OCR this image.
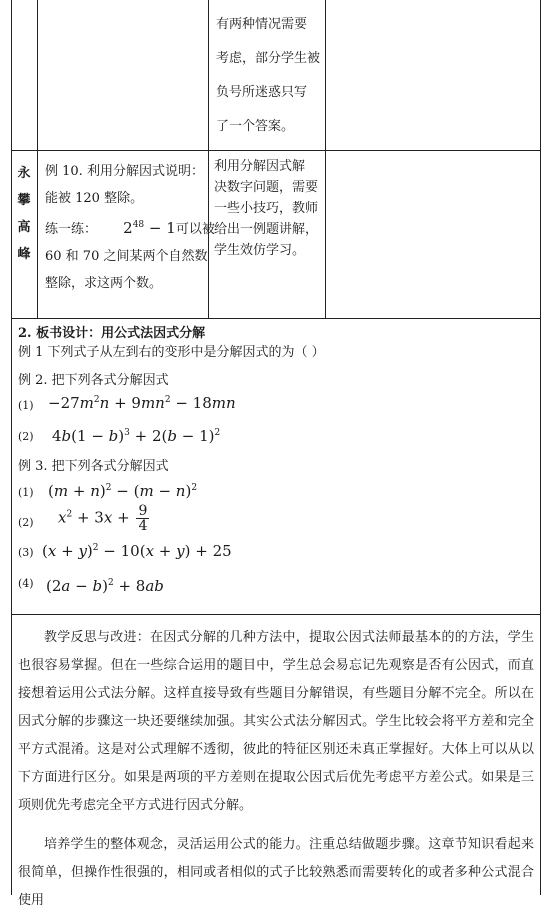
有两种情况需要
考虑，部分学生被
负号所迷惑只写
了一个答案。
永
攀
高
峰
例 10. 利用分解因式说明：
能被 120 整除。
练一练： $2^{48} - 1$可以被
60 和 70 之间某两个自然数
整除，求这两个数。
利用分解因式解
决数字问题，需要
一些小技巧，教师
给出一例题讲解，
学生效仿学习。
2. 板书设计：用公式法因式分解
例 1 下列式子从左到右的变形中是分解因式的为（ ）
例 2. 把下列各式分解因式
$(1) -27m^2n + 9mn^2 - 18mn$
(2) $4b(1 - b)^3 + 2(b - 1)^2$
例 3. 把下列各式分解因式
(1) $(m + n)^2 - (m - n)^2$
(2) $x^2 + 3x + \frac{9}{4}$
(3) $(x + y)^2 - 10(x + y) + 25$
(4) $(2a - b)^2 + 8ab$
教学反思与改进：在因式分解的几种方法中，提取公因式法师最基本的的方法，学生也很容易掌握。但在一些综合运用的题目中，学生总会易忘记先观察是否有公因式，而直接想着运用公式法分解。这样直接导致有些题目分解错误，有些题目分解不完全。所以在因式分解的步骤这一块还要继续加强。其实公式法分解因式。学生比较会将平方差和完全平方式混淆。这是对公式理解不透彻，彼此的特征区别还未真正掌握好。大体上可以从以下方面进行区分。如果是两项的平方差则在提取公因式后优先考虑平方差公式。如果是三项则优先考虑完全平方式进行因式分解。
培养学生的整体观念，灵活运用公式的能力。注重总结做题步骤。这章节知识看起来很简单，但操作性很强的，相同或者相似的式子比较熟悉而需要转化的或者多种公式混合使用
